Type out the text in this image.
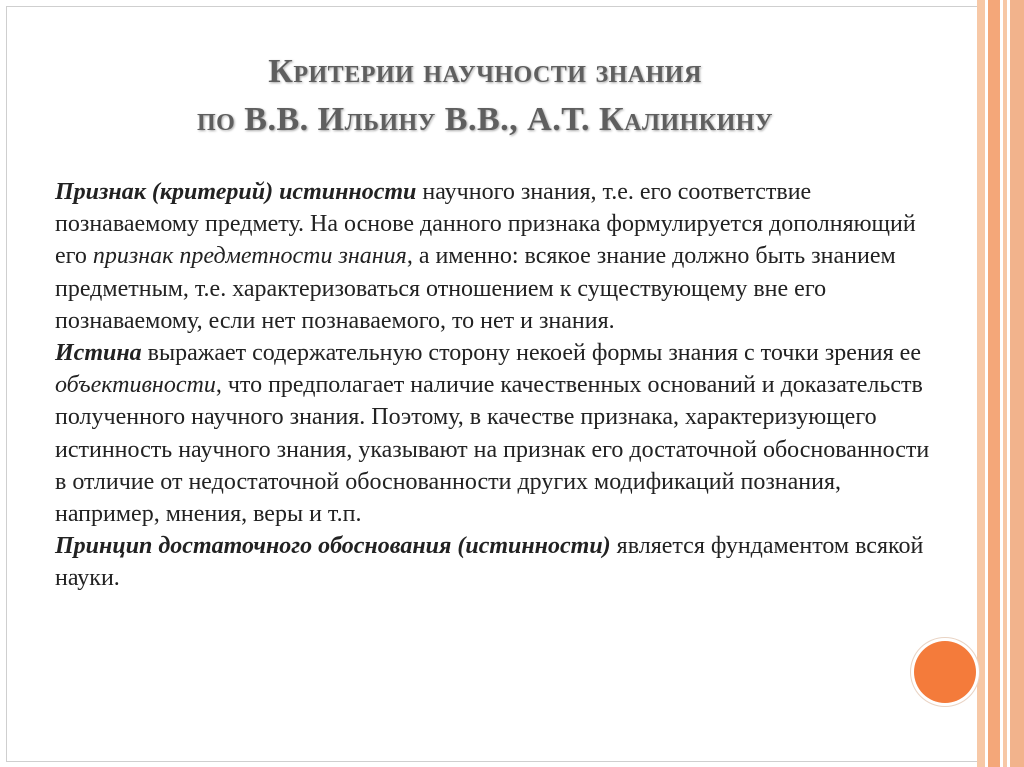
Критерии научности знания
по В.В. Ильину В.В., А.Т. Калинкину

Признак (критерий) истинности научного знания, т.е. его соответствие познаваемому предмету. На основе данного признака формулируется дополняющий его признак предметности знания, а именно: всякое знание должно быть знанием предметным, т.е. характеризоваться отношением к существующему вне его познаваемому, если нет познаваемого, то нет и знания.

Истина выражает содержательную сторону некоей формы знания с точки зрения ее объективности, что предполагает наличие качественных оснований и доказательств полученного научного знания. Поэтому, в качестве признака, характеризующего истинность научного знания, указывают на признак его достаточной обоснованности в отличие от недостаточной обоснованности других модификаций познания, например, мнения, веры и т.п.

Принцип достаточного обоснования (истинности) является фундаментом всякой науки.
